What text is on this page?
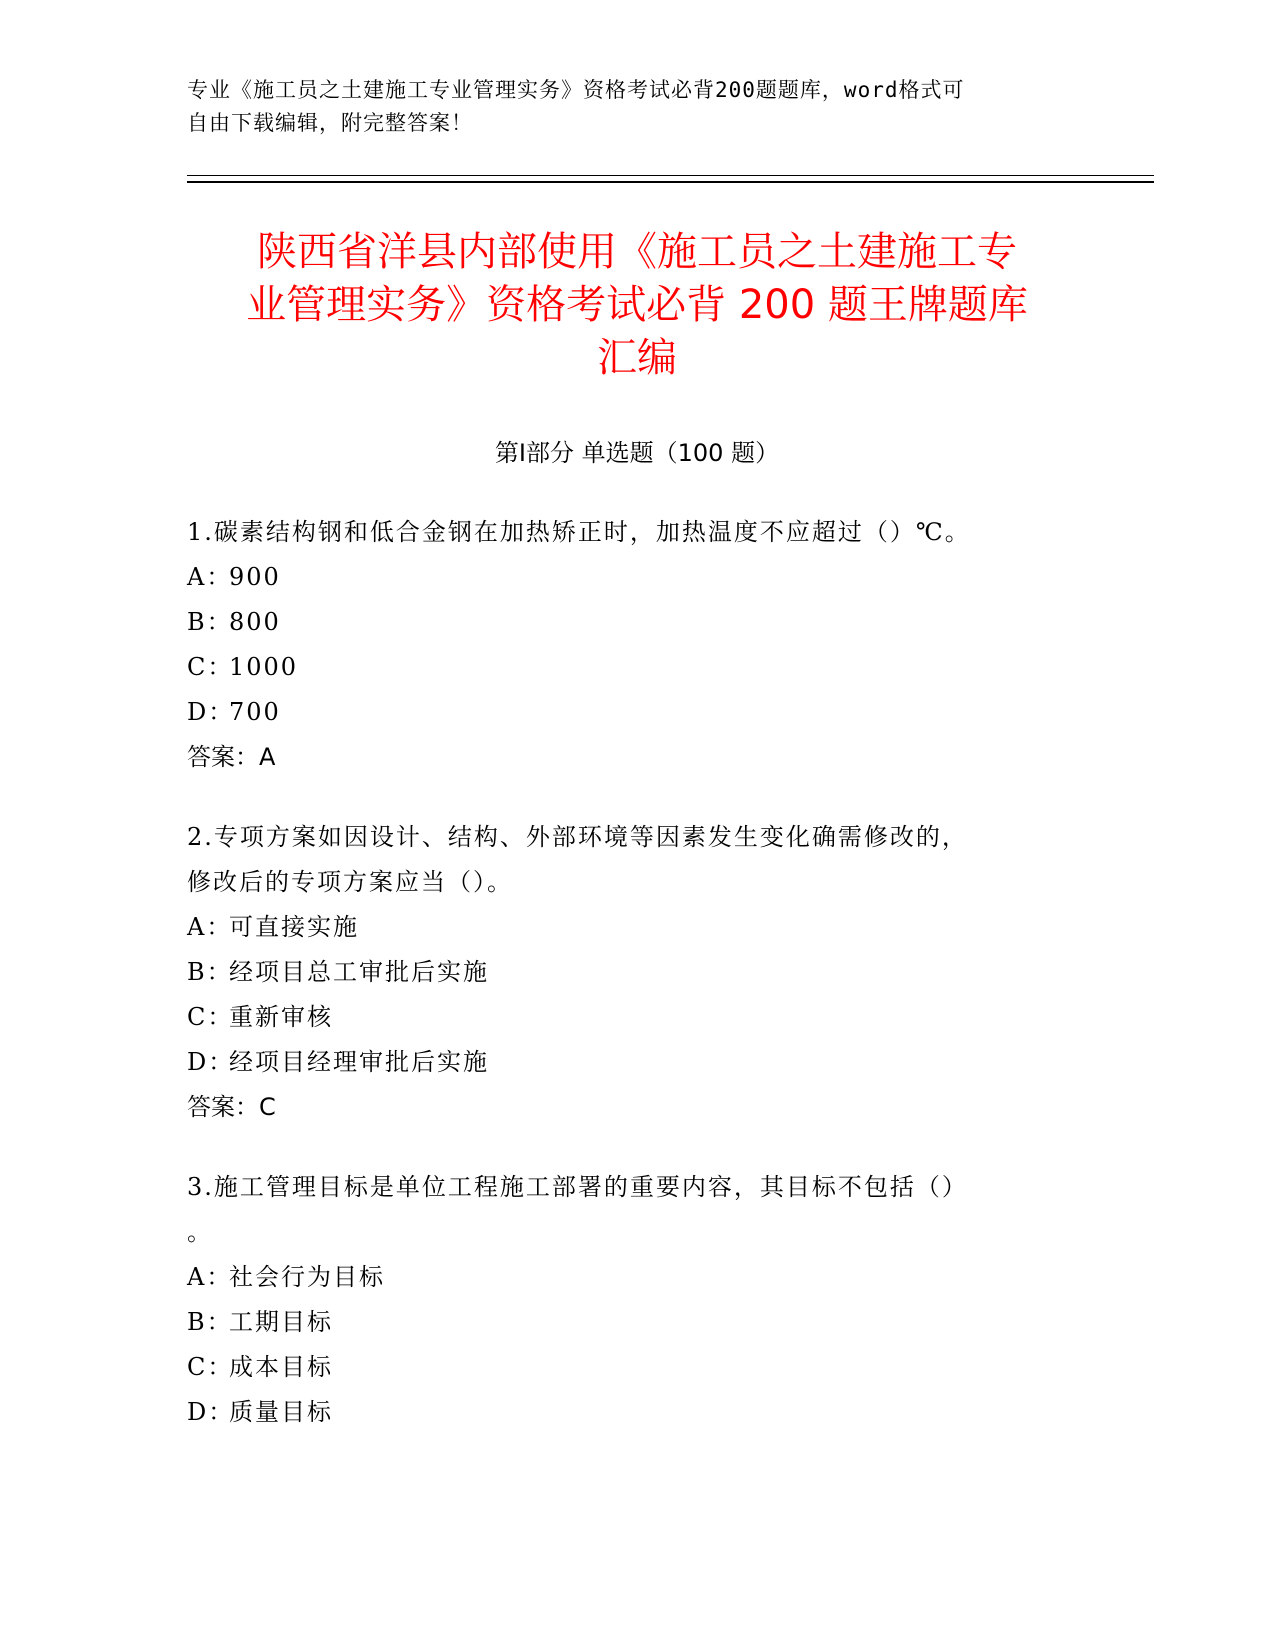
专业《施工员之土建施工专业管理实务》资格考试必背200题题库，word格式可
自由下载编辑，附完整答案！
陕西省洋县内部使用《施工员之土建施工专
业管理实务》资格考试必背 200 题王牌题库
汇编
第Ⅰ部分 单选题（100 题）
1.碳素结构钢和低合金钢在加热矫正时，加热温度不应超过（）℃。
A：900
B：800
C：1000
D：700
答案：A
2.专项方案如因设计、结构、外部环境等因素发生变化确需修改的，
修改后的专项方案应当（）。
A：可直接实施
B：经项目总工审批后实施
C：重新审核
D：经项目经理审批后实施
答案：C
3.施工管理目标是单位工程施工部署的重要内容，其目标不包括（）
。
A：社会行为目标
B：工期目标
C：成本目标
D：质量目标
